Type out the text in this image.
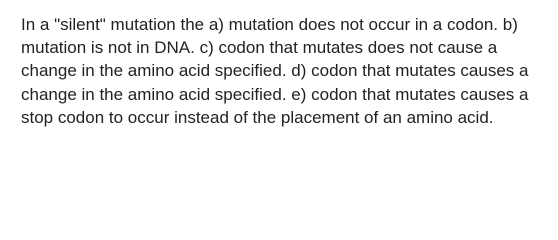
In a "silent" mutation the a) mutation does not occur in a codon. b) mutation is not in DNA. c) codon that mutates does not cause a change in the amino acid specified. d) codon that mutates causes a change in the amino acid specified. e) codon that mutates causes a stop codon to occur instead of the placement of an amino acid.
